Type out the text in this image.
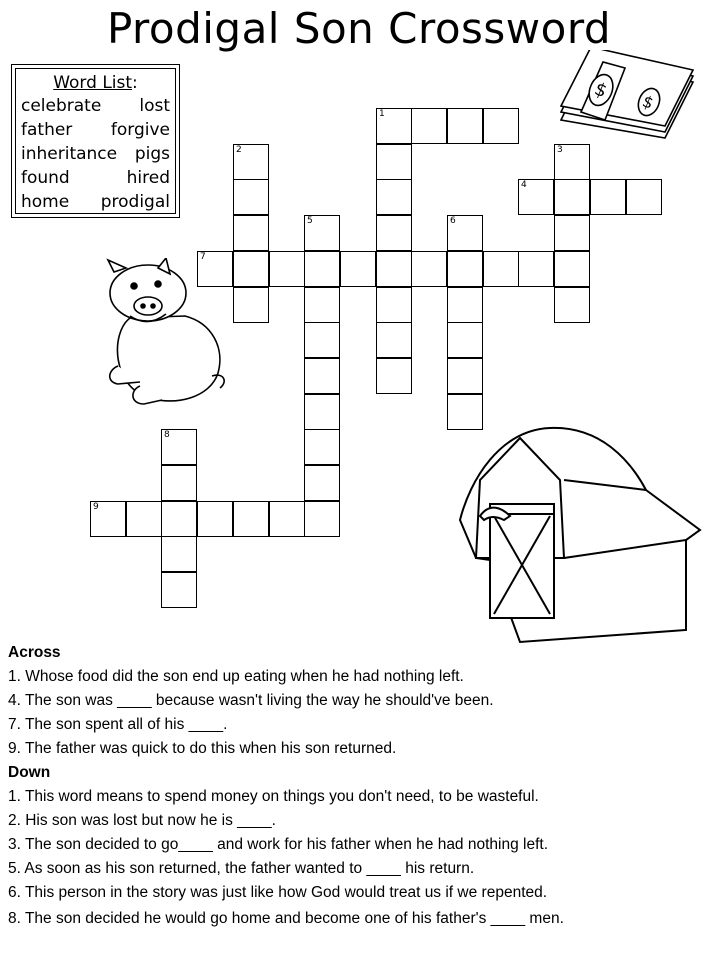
Prodigal Son Crossword
Word List:
celebrate lost
father forgive
inheritance pigs
found	hired
home prodigal
$ $
1
2	3
4
5	6
7
8
9
Across
1. Whose food did the son end up eating when he had nothing left.
4. The son was ____ because wasn't living the way he should've been.
7. The son spent all of his ____.
9. The father was quick to do this when his son returned.
Down
1. This word means to spend money on things you don't need, to be wasteful.
2. His son was lost but now he is ____.
3. The son decided to go____ and work for his father when he had nothing left.
5. As soon as his son returned, the father wanted to ____ his return.
6. This person in the story was just like how God would treat us if we repented.
8. The son decided he would go home and become one of his father's ____ men.
